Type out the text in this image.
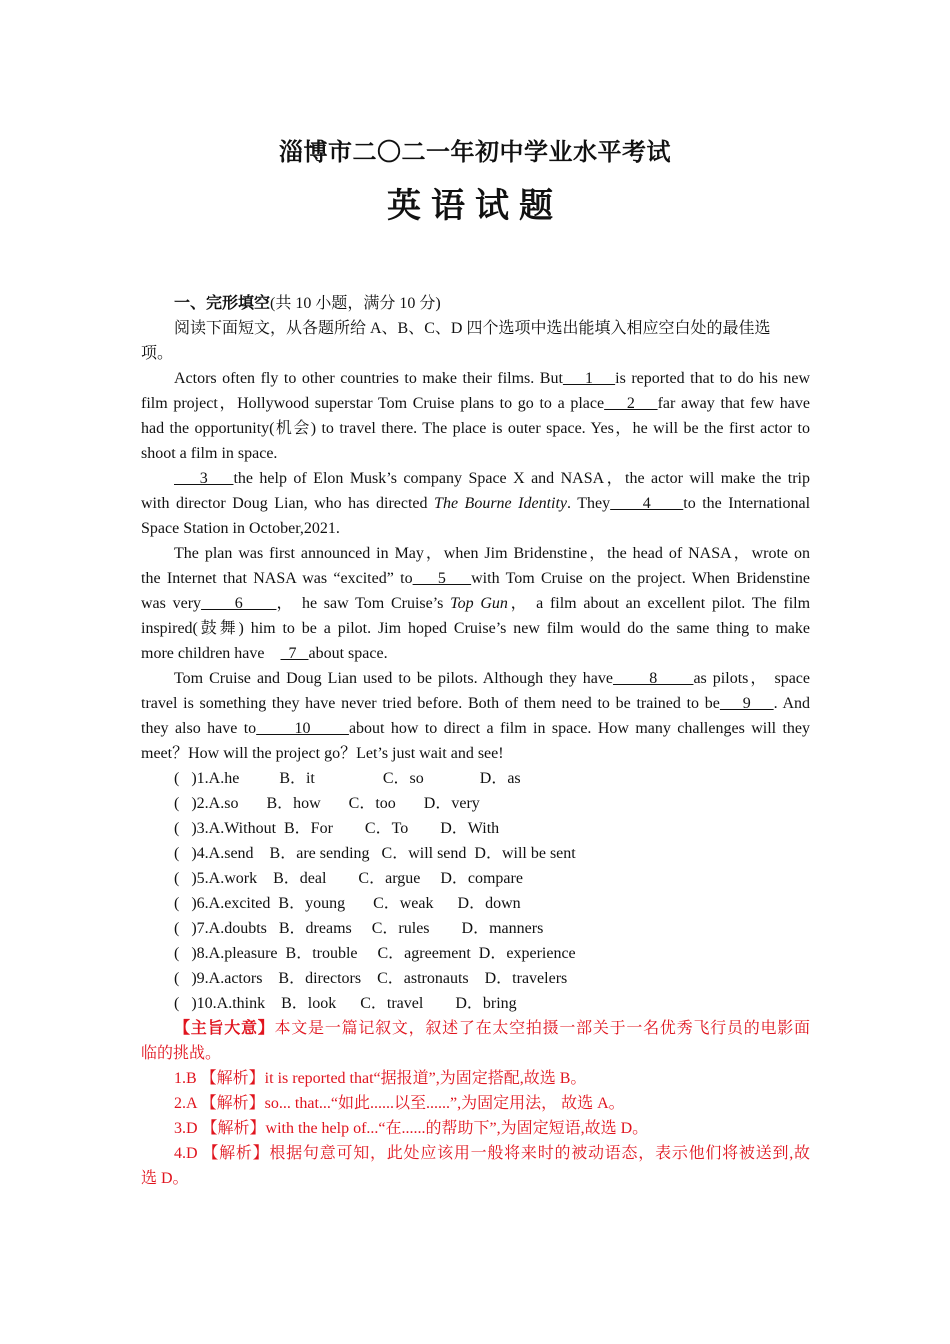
淄博市二〇二一年初中学业水平考试
英语试题
一、完形填空(共 10 小题，满分 10 分)
阅读下面短文，从各题所给 A、B、C、D 四个选项中选出能填入相应空白处的最佳选
项。
Actors often fly to other countries to make their films. But    1    is reported that to do his new
film project，Hollywood superstar Tom Cruise plans to go to a place    2    far away that few have
had the opportunity(机会) to travel there. The place is outer space. Yes，he will be the first actor to
shoot a film in space.
3    the help of Elon Musk’s company Space X and NASA，the actor will make the trip
with director Doug Lian, who has directed The Bourne Identity. They     4     to the International
Space Station in October,2021.
The plan was first announced in May，when Jim Bridenstine，the head of NASA，wrote on
the Internet that NASA was “excited” to    5    with Tom Cruise on the project. When Bridenstine
was very     6     ， he saw Tom Cruise’s Top Gun， a film about an excellent pilot. The film
inspired(鼓舞) him to be a pilot. Jim hoped Cruise’s new film would do the same thing to make
more children have      7   about space.
Tom Cruise and Doug Lian used to be pilots. Although they have      8      as pilots， space
travel is something they have never tried before. Both of them need to be trained to be    9    . And
they also have to      10      about how to direct a film in space. How many challenges will they
meet？How will the project go？Let’s just wait and see!
(   )1.A.he          B．it                 C．so              D．as
(   )2.A.so       B．how       C．too       D．very
(   )3.A.Without  B．For        C．To        D．With
(   )4.A.send    B．are sending   C．will send  D．will be sent
(   )5.A.work    B．deal        C．argue     D．compare
(   )6.A.excited  B．young       C．weak      D．down
(   )7.A.doubts   B．dreams     C．rules        D．manners
(   )8.A.pleasure  B．trouble     C．agreement  D．experience
(   )9.A.actors    B．directors    C．astronauts    D．travelers
(   )10.A.think    B．look      C．travel        D．bring
【主旨大意】本文是一篇记叙文，叙述了在太空拍摄一部关于一名优秀飞行员的电影面
临的挑战。
1.B 【解析】it is reported that“据报道”,为固定搭配,故选 B。
2.A 【解析】so... that...“如此......以至......”,为固定用法， 故选 A。
3.D 【解析】with the help of...“在......的帮助下”,为固定短语,故选 D。
4.D 【解析】根据句意可知，此处应该用一般将来时的被动语态，表示他们将被送到,故
选 D。
